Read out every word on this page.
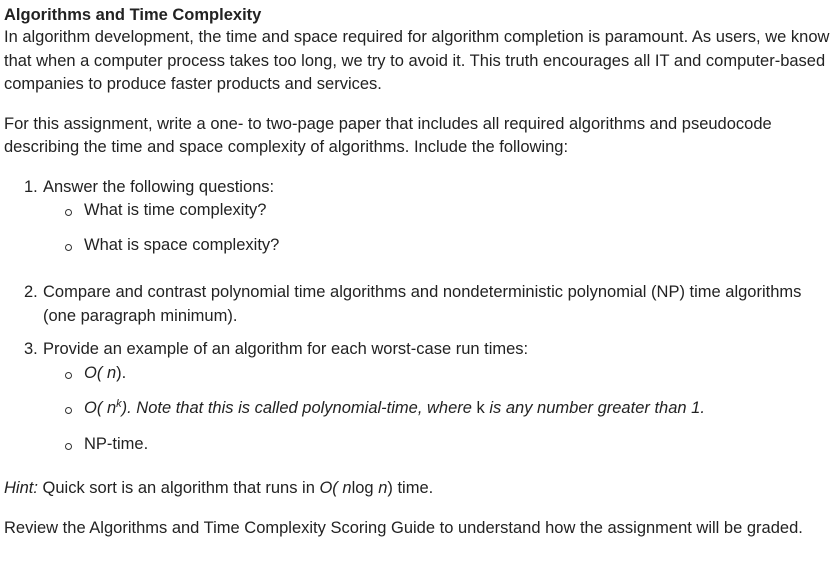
Algorithms and Time Complexity

In algorithm development, the time and space required for algorithm completion is paramount. As users, we know that when a computer process takes too long, we try to avoid it. This truth encourages all IT and computer-based companies to produce faster products and services.

For this assignment, write a one- to two-page paper that includes all required algorithms and pseudocode describing the time and space complexity of algorithms. Include the following:

1. Answer the following questions:
What is time complexity?
What is space complexity?
2. Compare and contrast polynomial time algorithms and nondeterministic polynomial (NP) time algorithms (one paragraph minimum).
3. Provide an example of an algorithm for each worst-case run times:
O( n).
O( $n^k$). Note that this is called polynomial-time, where k is any number greater than 1.
NP-time.

Hint: Quick sort is an algorithm that runs in O( nlog n) time.

Review the Algorithms and Time Complexity Scoring Guide to understand how the assignment will be graded.
